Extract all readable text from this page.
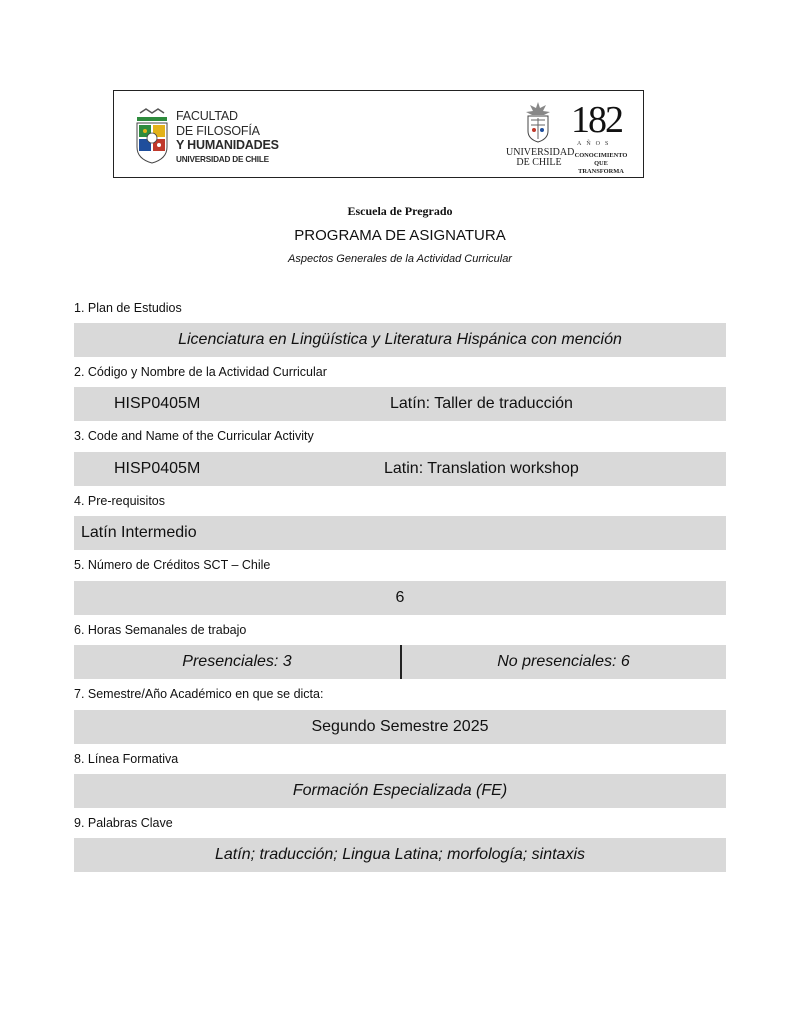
FACULTAD
DE FILOSOFÍA
Y HUMANIDADES
UNIVERSIDAD DE CHILE
UNIVERSIDAD
DE CHILE
182
AÑOS
CONOCIMIENTO
QUE TRANSFORMA
Escuela de Pregrado
PROGRAMA DE ASIGNATURA
Aspectos Generales de la Actividad Curricular
1. Plan de Estudios
Licenciatura en Lingüística y Literatura Hispánica con mención
2. Código y Nombre de la Actividad Curricular
HISP0405M	Latín: Taller de traducción
3. Code and Name of the Curricular Activity
HISP0405M	Latin: Translation workshop
4. Pre-requisitos
Latín Intermedio
5. Número de Créditos SCT – Chile
6
6. Horas Semanales de trabajo
Presenciales: 3	No presenciales: 6
7. Semestre/Año Académico en que se dicta:
Segundo Semestre 2025
8. Línea Formativa
Formación Especializada (FE)
9. Palabras Clave
Latín; traducción; Lingua Latina; morfología; sintaxis
